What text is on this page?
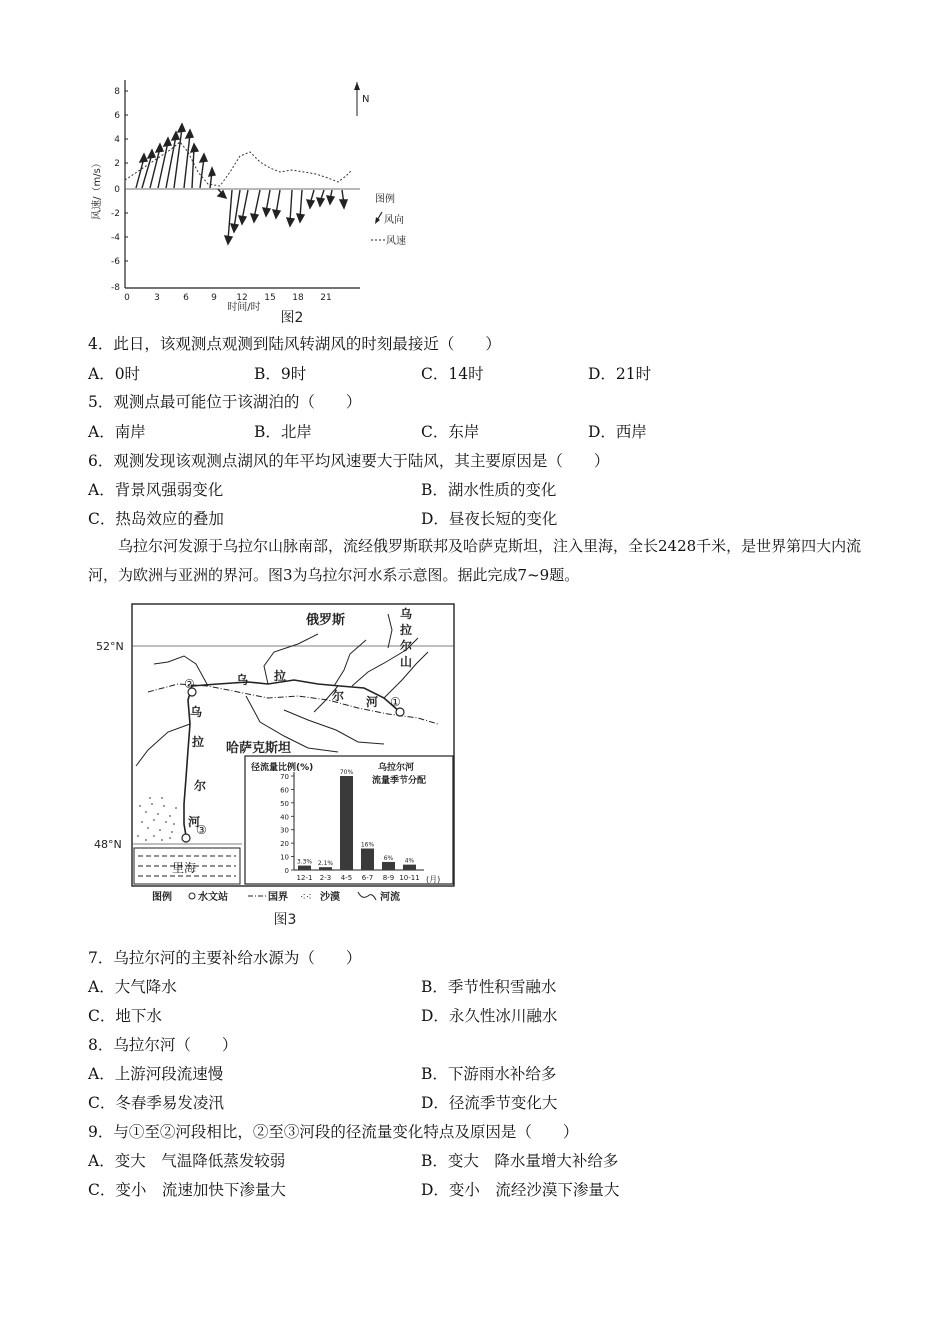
8
6
4
2
0
-2
-4
-6
-8
风速/（m/s）
0	3	6 9 12 15 18 21
时间/时
N
图例
风向
风速
图2
4．此日，该观测点观测到陆风转湖风的时刻最接近（　　）
A．0时	B．9时	C．14时	D．21时
5．观测点最可能位于该湖泊的（　　）
A．南岸	B．北岸	C．东岸	D．西岸
6．观测发现该观测点湖风的年平均风速要大于陆风，其主要原因是（　　）
A．背景风强弱变化	B．湖水性质的变化
C．热岛效应的叠加	D．昼夜长短的变化
乌拉尔河发源于乌拉尔山脉南部，流经俄罗斯联邦及哈萨克斯坦，注入里海，全长2428千米，是世界第四大内流河，为欧洲与亚洲的界河。图3为乌拉尔河水系示意图。据此完成7~9题。
52°N
48°N
①
②
③
里海
俄罗斯
哈萨克斯坦
乌
拉
尔
山
乌 拉
尔 河
乌
拉
尔
河
径流量比例(%)	乌拉尔河
流量季节分配
0
10
20
30
40
50
60
70
3.3%
12-1
2.1%
2-3
70%
4-5
16%
6-7
6%
8-9
4%
10-11 (月)
图例	水文站	国界 ⁖⁖ 沙漠	河流
图3
7．乌拉尔河的主要补给水源为（　　）
A．大气降水	B．季节性积雪融水
C．地下水	D．永久性冰川融水
8．乌拉尔河（　　）
A．上游河段流速慢	B．下游雨水补给多
C．冬春季易发凌汛	D．径流季节变化大
9．与①至②河段相比，②至③河段的径流量变化特点及原因是（　　）
A．变大　气温降低蒸发较弱	B．变大　降水量增大补给多
C．变小　流速加快下渗量大	D．变小　流经沙漠下渗量大
